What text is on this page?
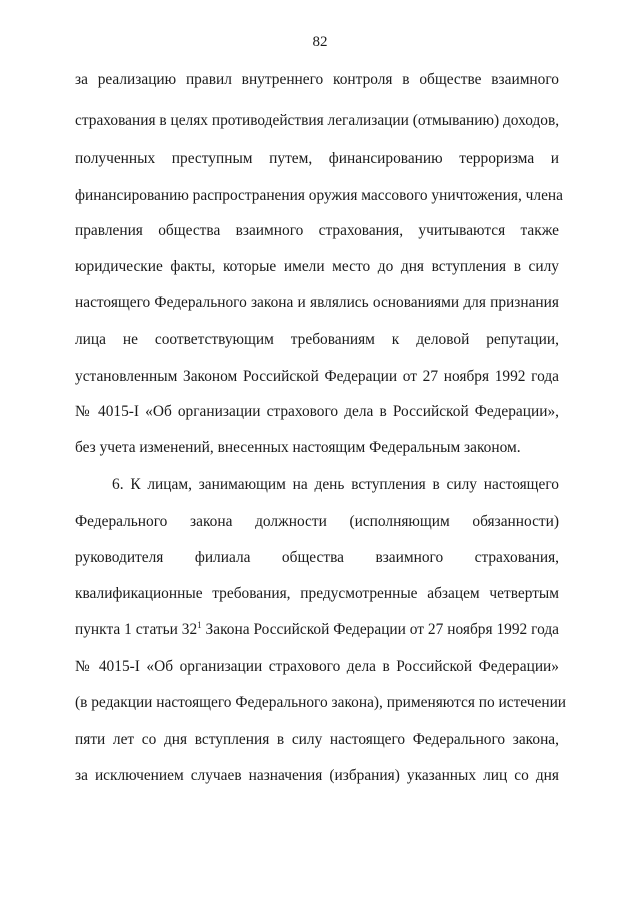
82
за реализацию правил внутреннего контроля в обществе взаимного
страхования в целях противодействия легализации (отмыванию) доходов,
полученных преступным путем, финансированию терроризма и
финансированию распространения оружия массового уничтожения, члена
правления общества взаимного страхования, учитываются также
юридические факты, которые имели место до дня вступления в силу
настоящего Федерального закона и являлись основаниями для признания
лица не соответствующим требованиям к деловой репутации,
установленным Законом Российской Федерации от 27 ноября 1992 года
№ 4015-I «Об организации страхового дела в Российской Федерации»,
без учета изменений, внесенных настоящим Федеральным законом.
6. К лицам, занимающим на день вступления в силу настоящего
Федерального закона должности (исполняющим обязанности)
руководителя филиала общества взаимного страхования,
квалификационные требования, предусмотренные абзацем четвертым
пункта 1 статьи $32^1$ Закона Российской Федерации от 27 ноября 1992 года
№ 4015-I «Об организации страхового дела в Российской Федерации»
(в редакции настоящего Федерального закона), применяются по истечении
пяти лет со дня вступления в силу настоящего Федерального закона,
за исключением случаев назначения (избрания) указанных лиц со дня
